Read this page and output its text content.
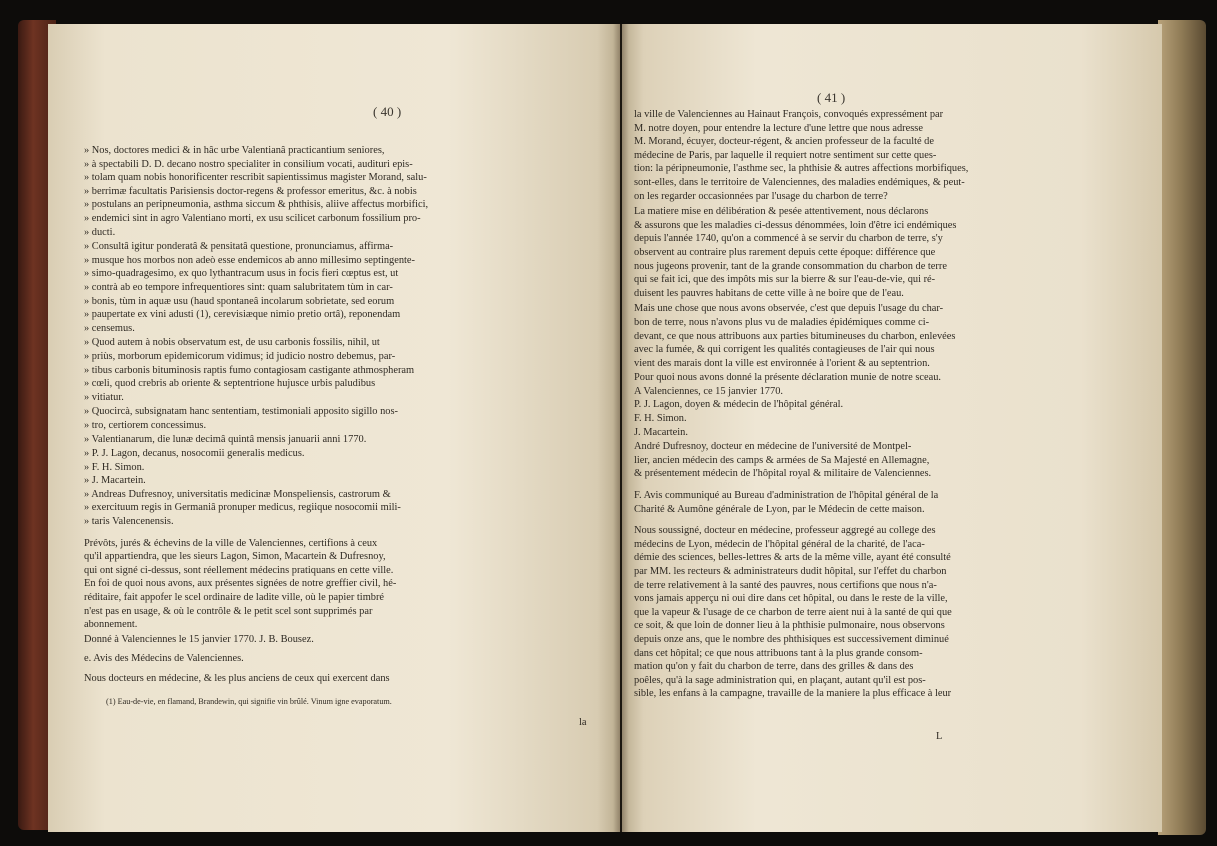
( 40 )
» Nos, doctores medici & in hâc urbe Valentianâ practicantium seniores,
» à spectabili D. D. decano nostro specialiter in consilium vocati, audituri epis-
» tolam quam nobis honorificenter rescribit sapientissimus magister Morand, salu-
» berrimæ facultatis Parisiensis doctor-regens & professor emeritus, &c. à nobis
» postulans an peripneumonia, asthma siccum & phthisis, aliive affectus morbifici,
» endemici sint in agro Valentiano morti, ex usu scilicet carbonum fossilium pro-
» ducti.
» Consultâ igitur ponderatâ & pensitatâ questione, pronunciamus, affirma-
» musque hos morbos non adeò esse endemicos ab anno millesimo septingente-
» simo-quadragesimo, ex quo lythantracum usus in focis fieri cœptus est, ut
» contrà ab eo tempore infrequentiores sint: quam salubritatem tùm in car-
» bonis, tùm in aquæ usu (haud spontaneâ incolarum sobrietate, sed eorum
» paupertate ex vini adusti (1), cerevisiæque nimio pretio ortâ), reponendam
» censemus.
» Quod autem à nobis observatum est, de usu carbonis fossilis, nihil, ut
» priùs, morborum epidemicorum vidimus; id judicio nostro debemus, par-
» tibus carbonis bituminosis raptis fumo contagiosam castigante athmospheram
» cœli, quod crebris ab oriente & septentrione hujusce urbis paludibus
» vitiatur.
» Quocircà, subsignatam hanc sententiam, testimoniali apposito sigillo nos-
» tro, certiorem concessimus.
» Valentianarum, die lunæ decimâ quintâ mensis januarii anni 1770.
» P. J. Lagon, decanus, nosocomii generalis medicus.
» F. H. Simon.
» J. Macartein.
» Andreas Dufresnoy, universitatis medicinæ Monspeliensis, castrorum &
» exercituum regis in Germaniâ pronuper medicus, regiique nosocomii mili-
» taris Valencenensis.
Prévôts, jurés & échevins de la ville de Valenciennes, certifions à ceux
qu'il appartiendra, que les sieurs Lagon, Simon, Macartein & Dufresnoy,
qui ont signé ci-dessus, sont réellement médecins pratiquans en cette ville.
En foi de quoi nous avons, aux présentes signées de notre greffier civil, hé-
réditaire, fait appofer le scel ordinaire de ladite ville, où le papier timbré
n'est pas en usage, & où le contrôle & le petit scel sont supprimés par
abonnement.
Donné à Valenciennes le 15 janvier 1770. J. B. Bousez.
e. Avis des Médecins de Valenciennes.
Nous docteurs en médecine, & les plus anciens de ceux qui exercent dans
(1) Eau-de-vie, en flamand, Brandewin, qui signifie vin brûlé. Vinum igne evaporatum.
la
( 41 )
la ville de Valenciennes au Hainaut François, convoqués expressément par
M. notre doyen, pour entendre la lecture d'une lettre que nous adresse
M. Morand, écuyer, docteur-régent, & ancien professeur de la faculté de
médecine de Paris, par laquelle il requiert notre sentiment sur cette ques-
tion: la péripneumonie, l'asthme sec, la phthisie & autres affections morbifiques,
sont-elles, dans le territoire de Valenciennes, des maladies endémiques, & peut-
on les regarder occasionnées par l'usage du charbon de terre?
La matiere mise en délibération & pesée attentivement, nous déclarons
& assurons que les maladies ci-dessus dénommées, loin d'être ici endémiques
depuis l'année 1740, qu'on a commencé à se servir du charbon de terre, s'y
observent au contraire plus rarement depuis cette époque: différence que
nous jugeons provenir, tant de la grande consommation du charbon de terre
qui se fait ici, que des impôts mis sur la bierre & sur l'eau-de-vie, qui ré-
duisent les pauvres habitans de cette ville à ne boire que de l'eau.
Mais une chose que nous avons observée, c'est que depuis l'usage du char-
bon de terre, nous n'avons plus vu de maladies épidémiques comme ci-
devant, ce que nous attribuons aux parties bitumineuses du charbon, enlevées
avec la fumée, & qui corrigent les qualités contagieuses de l'air qui nous
vient des marais dont la ville est environnée à l'orient & au septentrion.
Pour quoi nous avons donné la présente déclaration munie de notre sceau.
A Valenciennes, ce 15 janvier 1770.
P. J. Lagon, doyen & médecin de l'hôpital général.
F. H. Simon.
J. Macartein.
André Dufresnoy, docteur en médecine de l'université de Montpel-
lier, ancien médecin des camps & armées de Sa Majesté en Allemagne,
& présentement médecin de l'hôpital royal & militaire de Valenciennes.
F. Avis communiqué au Bureau d'administration de l'hôpital général de la
Charité & Aumône générale de Lyon, par le Médecin de cette maison.
Nous soussigné, docteur en médecine, professeur aggregé au college des
médecins de Lyon, médecin de l'hôpital général de la charité, de l'aca-
démie des sciences, belles-lettres & arts de la même ville, ayant été consulté
par MM. les recteurs & administrateurs dudit hôpital, sur l'effet du charbon
de terre relativement à la santé des pauvres, nous certifions que nous n'a-
vons jamais apperçu ni oui dire dans cet hôpital, ou dans le reste de la ville,
que la vapeur & l'usage de ce charbon de terre aient nui à la santé de qui que
ce soit, & que loin de donner lieu à la phthisie pulmonaire, nous observons
depuis onze ans, que le nombre des phthisiques est successivement diminué
dans cet hôpital; ce que nous attribuons tant à la plus grande consom-
mation qu'on y fait du charbon de terre, dans des grilles & dans des
poêles, qu'à la sage administration qui, en plaçant, autant qu'il est pos-
sible, les enfans à la campagne, travaille de la maniere la plus efficace à leur
L
